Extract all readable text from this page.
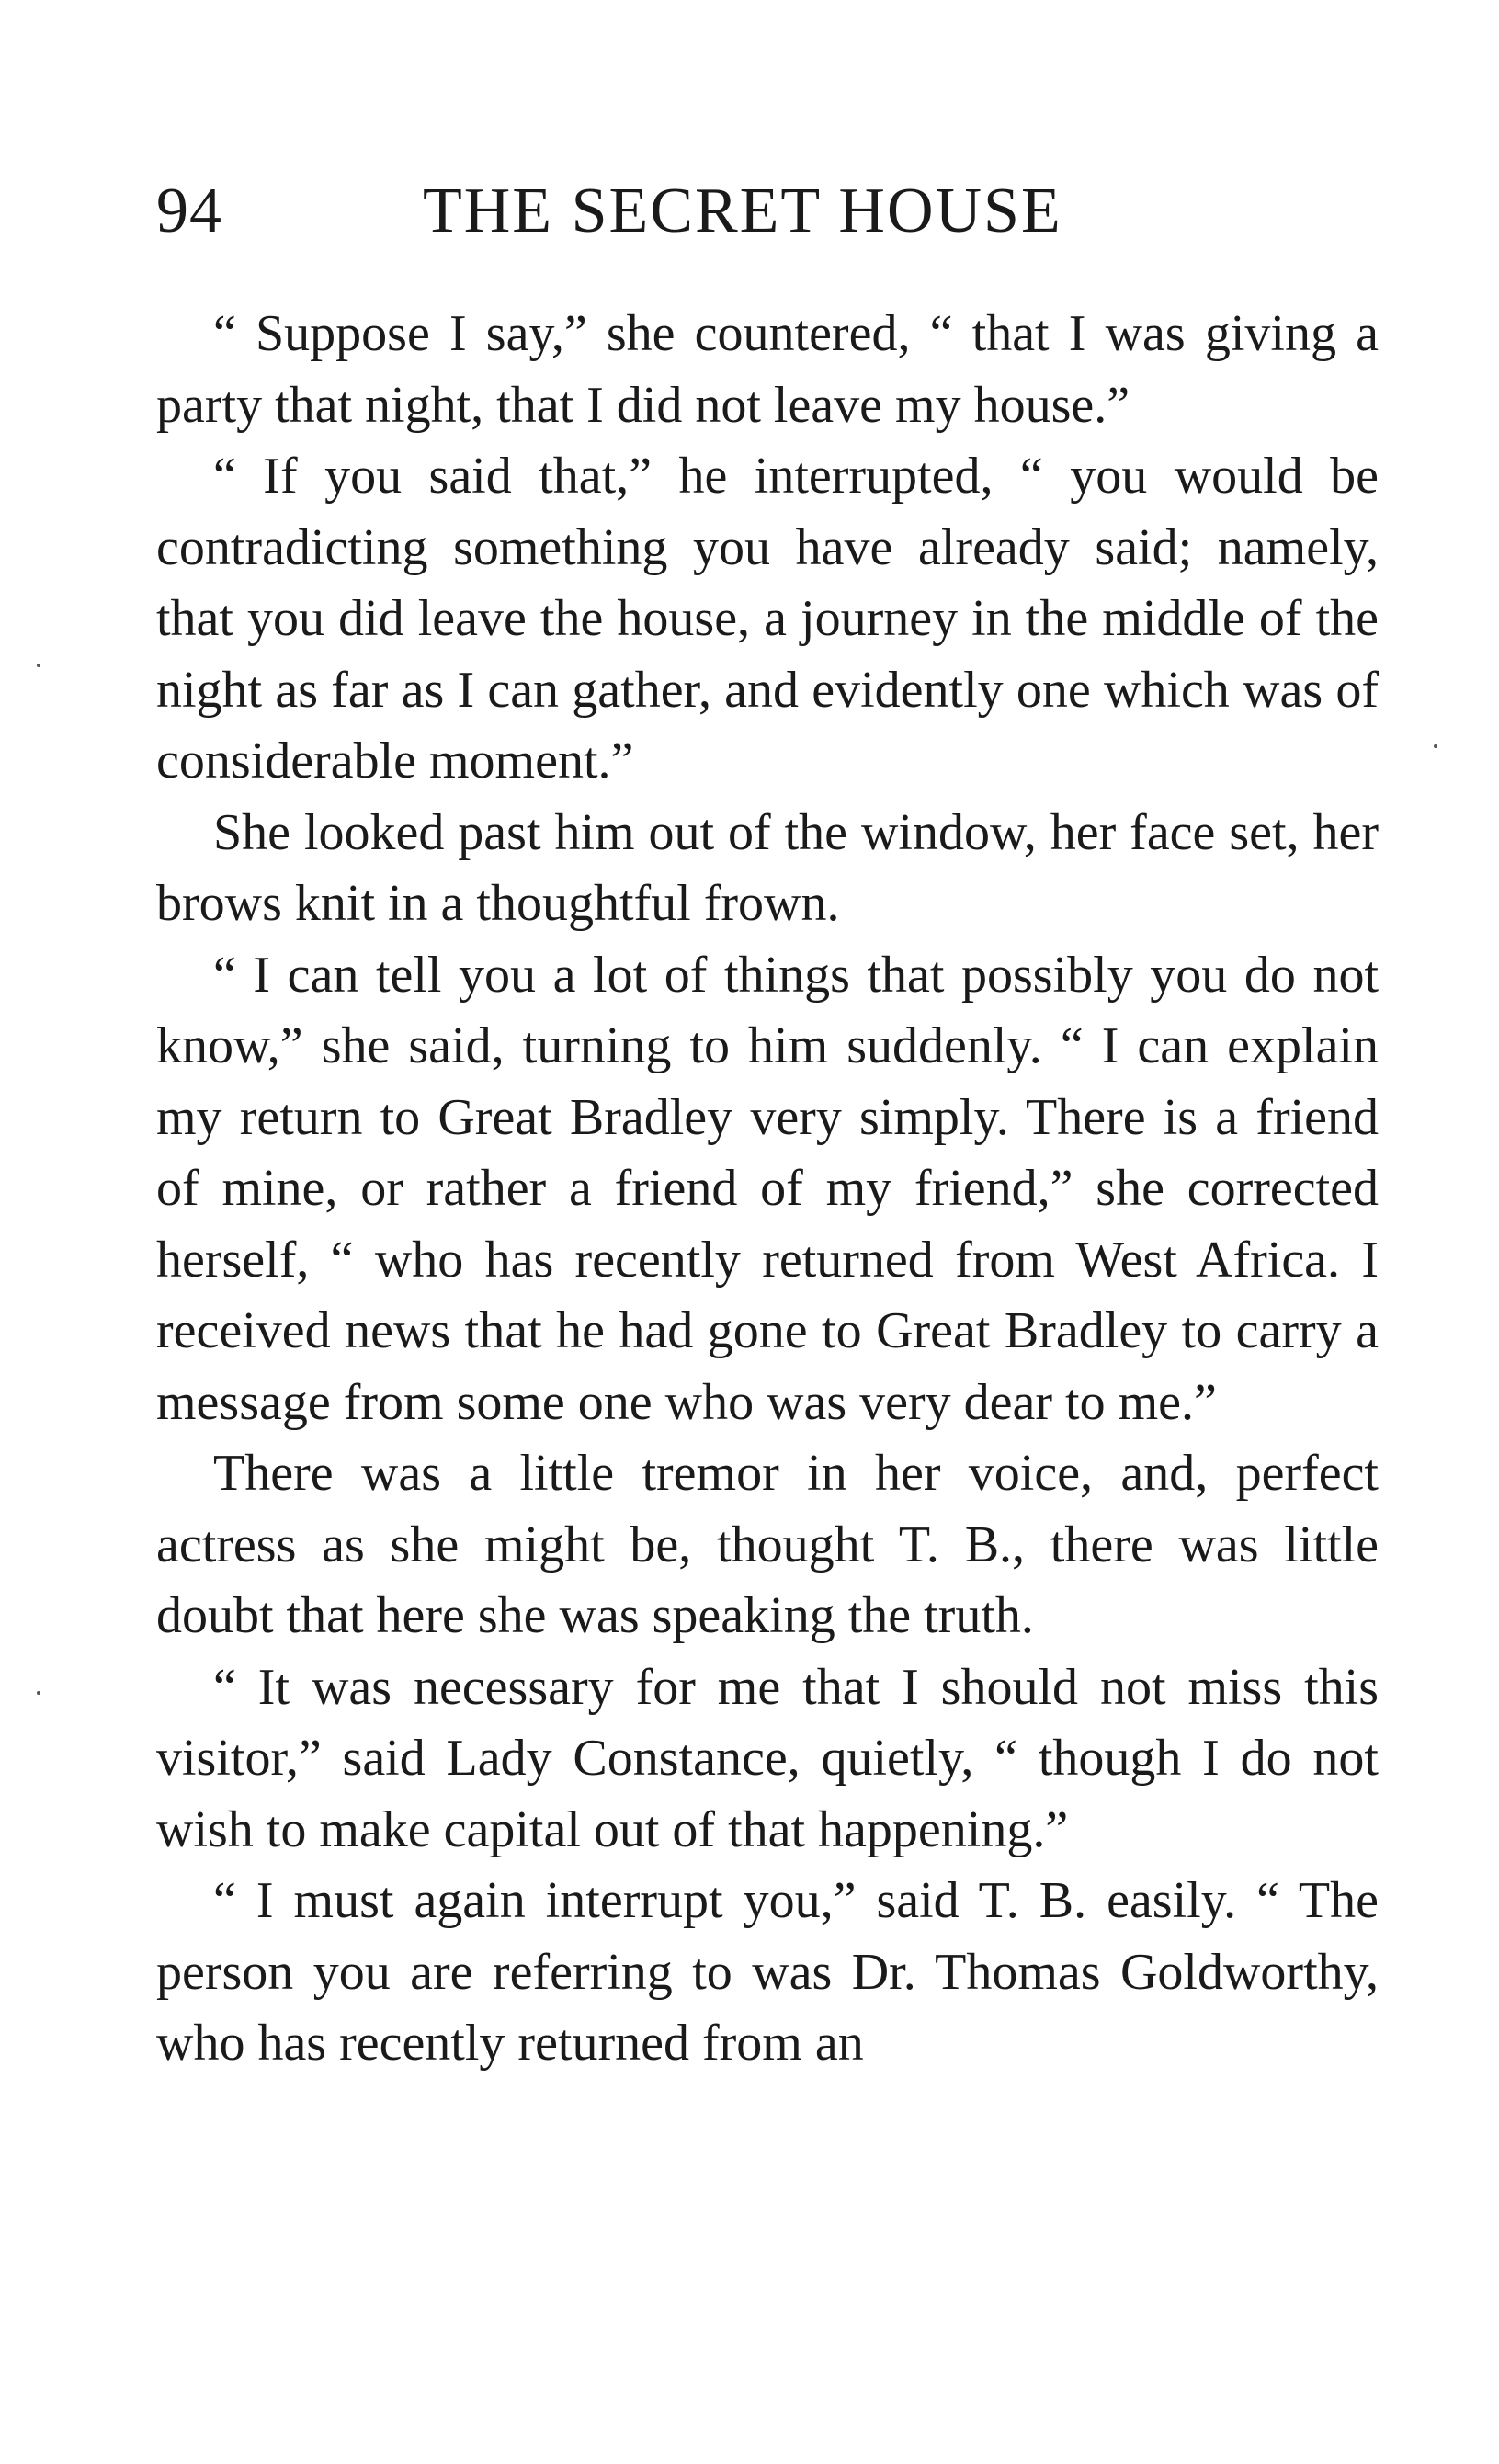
94	THE SECRET HOUSE

“ Suppose I say,” she countered, “ that I was giving a party that night, that I did not leave my house.”

“ If you said that,” he interrupted, “ you would be contradicting something you have already said; namely, that you did leave the house, a journey in the middle of the night as far as I can gather, and evidently one which was of considerable moment.”

She looked past him out of the window, her face set, her brows knit in a thoughtful frown.

“ I can tell you a lot of things that possibly you do not know,” she said, turning to him suddenly. “ I can explain my return to Great Bradley very simply. There is a friend of mine, or rather a friend of my friend,” she corrected herself, “ who has recently returned from West Africa. I received news that he had gone to Great Bradley to carry a message from some one who was very dear to me.”

There was a little tremor in her voice, and, perfect actress as she might be, thought T. B., there was little doubt that here she was speaking the truth.

“ It was necessary for me that I should not miss this visitor,” said Lady Constance, quietly, “ though I do not wish to make capital out of that happening.”

“ I must again interrupt you,” said T. B. easily. “ The person you are referring to was Dr. Thomas Goldworthy, who has recently returned from an
